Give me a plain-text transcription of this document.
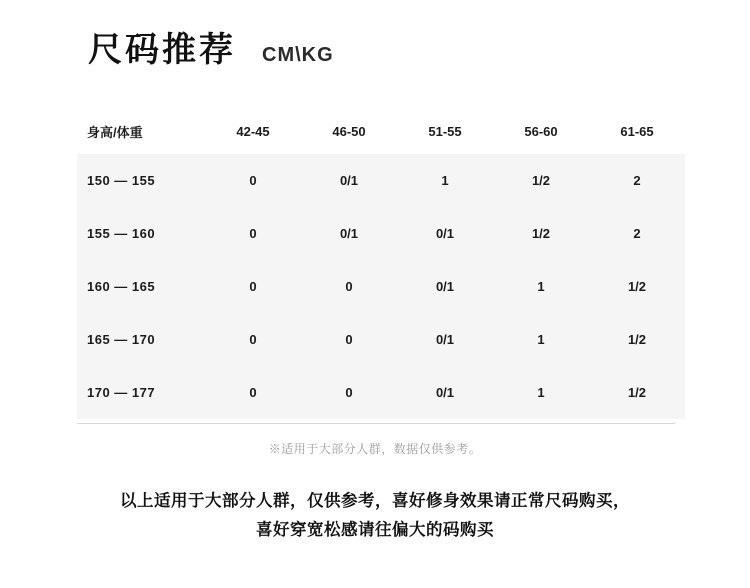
尺码推荐 CM\KG
身高/体重	42-45	46-50	51-55	56-60	61-65
150 — 155	0	0/1	1	1/2	2
155 — 160	0	0/1	0/1	1/2	2
160 — 165	0	0	0/1	1	1/2
165 — 170	0	0	0/1	1	1/2
170 — 177	0	0	0/1	1	1/2
※适用于大部分人群，数据仅供参考。
以上适用于大部分人群，仅供参考，喜好修身效果请正常尺码购买，
喜好穿宽松感请往偏大的码购买
